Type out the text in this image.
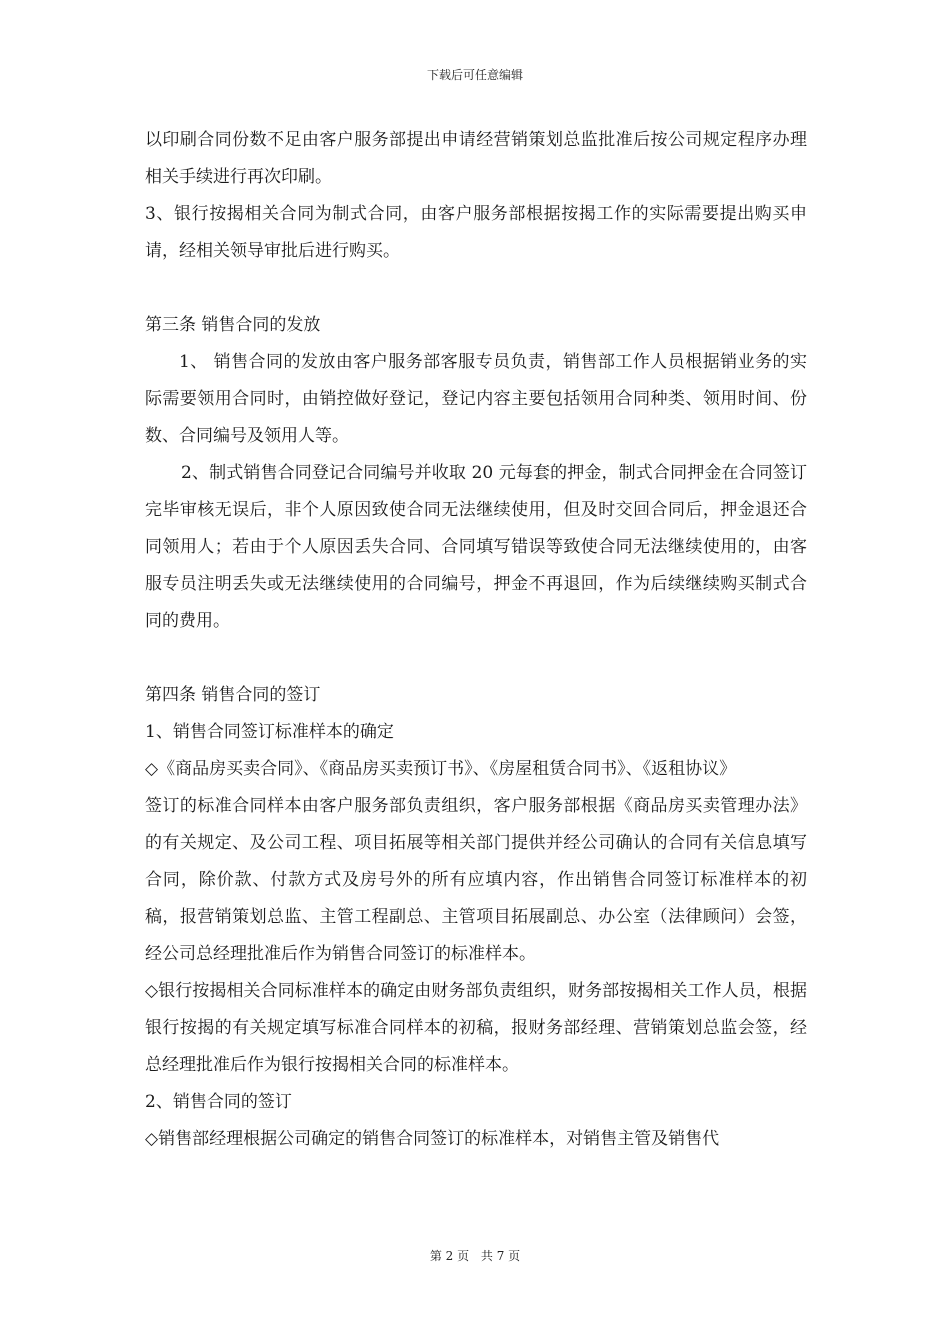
下载后可任意编辑

以印刷合同份数不足由客户服务部提出申请经营销策划总监批准后按公司规定程序办理相关手续进行再次印刷。

3、银行按揭相关合同为制式合同，由客户服务部根据按揭工作的实际需要提出购买申请，经相关领导审批后进行购买。

第三条 销售合同的发放

1、 销售合同的发放由客户服务部客服专员负责，销售部工作人员根据销业务的实际需要领用合同时，由销控做好登记，登记内容主要包括领用合同种类、领用时间、份数、合同编号及领用人等。

2、制式销售合同登记合同编号并收取 20 元每套的押金，制式合同押金在合同签订完毕审核无误后，非个人原因致使合同无法继续使用，但及时交回合同后，押金退还合同领用人；若由于个人原因丢失合同、合同填写错误等致使合同无法继续使用的，由客服专员注明丢失或无法继续使用的合同编号，押金不再退回，作为后续继续购买制式合同的费用。

第四条 销售合同的签订

1、销售合同签订标准样本的确定

◇《商品房买卖合同》、《商品房买卖预订书》、《房屋租赁合同书》、《返租协议》

签订的标准合同样本由客户服务部负责组织，客户服务部根据《商品房买卖管理办法》的有关规定、及公司工程、项目拓展等相关部门提供并经公司确认的合同有关信息填写合同，除价款、付款方式及房号外的所有应填内容，作出销售合同签订标准样本的初稿，报营销策划总监、主管工程副总、主管项目拓展副总、办公室（法律顾问）会签，经公司总经理批准后作为销售合同签订的标准样本。

◇银行按揭相关合同标准样本的确定由财务部负责组织，财务部按揭相关工作人员，根据银行按揭的有关规定填写标准合同样本的初稿，报财务部经理、营销策划总监会签，经总经理批准后作为银行按揭相关合同的标准样本。

2、销售合同的签订

◇销售部经理根据公司确定的销售合同签订的标准样本，对销售主管及销售代

第 2 页 共 7 页
